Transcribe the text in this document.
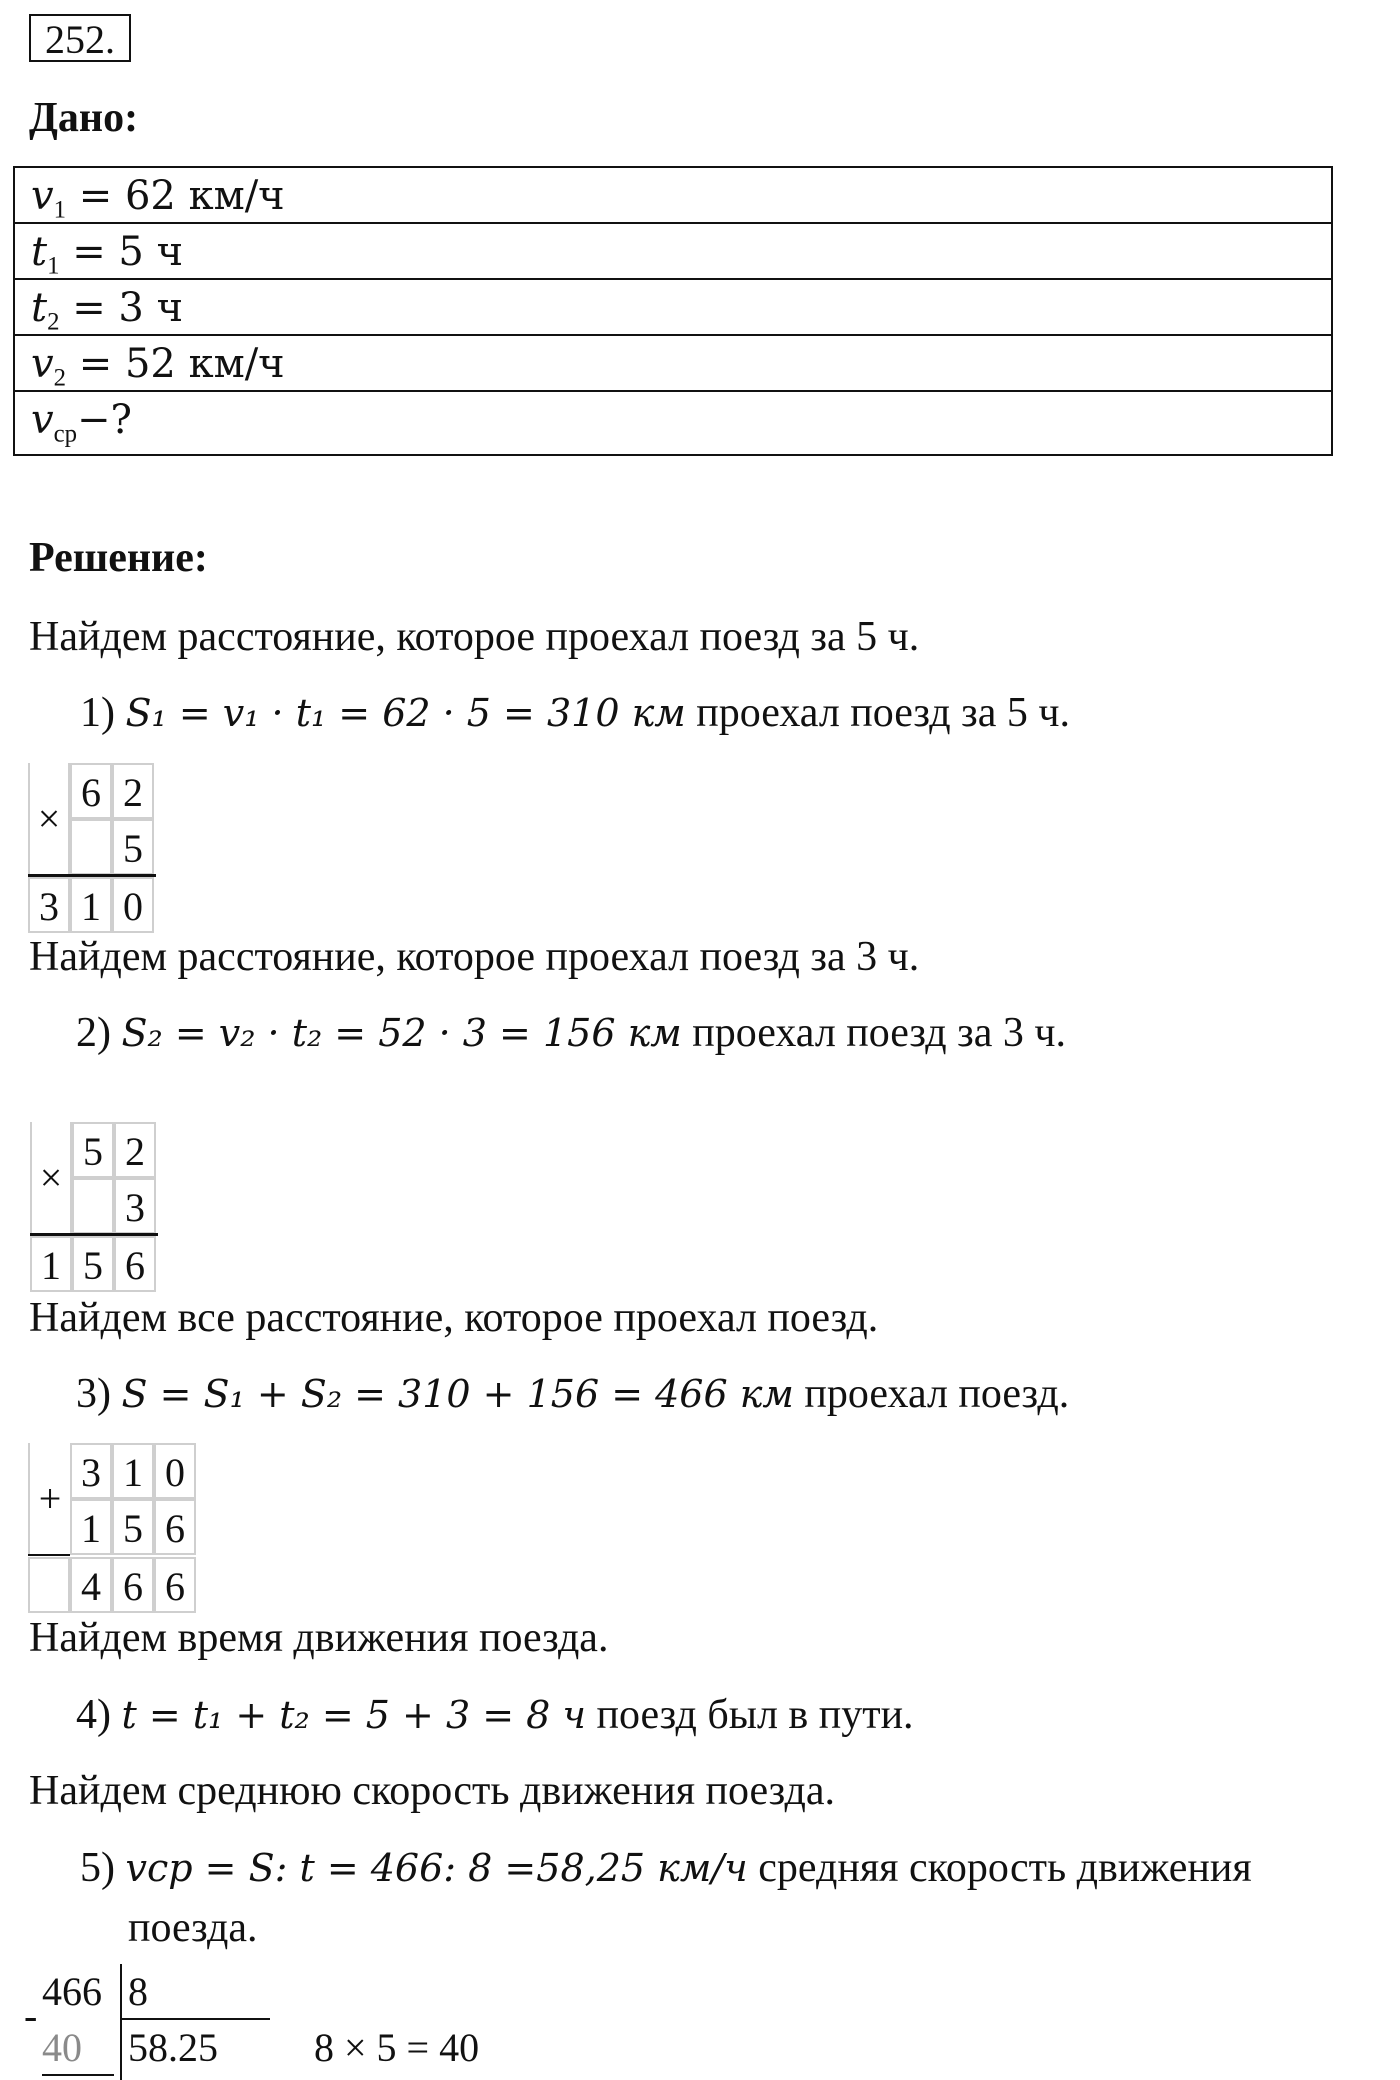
252.
Дано:
$v_1 = 62$ км/ч
$t_1 = 5$ ч
$t_2 = 3$ ч
$v_2 = 52$ км/ч
$v_{ср}-$?
Решение:
Найдем расстояние, которое проехал поезд за 5 ч.
1) S₁ = v₁ · t₁ = 62 · 5 = 310 км проехал поезд за 5 ч.
×
6 2
5
3 1 0
Найдем расстояние, которое проехал поезд за 3 ч.
2) S₂ = v₂ · t₂ = 52 · 3 = 156 км проехал поезд за 3 ч.
×
5 2
3
1 5 6
Найдем все расстояние, которое проехал поезд.
3) S = S₁ + S₂ = 310 + 156 = 466 км проехал поезд.
+
3 1 0
1 5 6
4 6 6
Найдем время движения поезда.
4) t = t₁ + t₂ = 5 + 3 = 8 ч поезд был в пути.
Найдем среднюю скорость движения поезда.
5) vср = S: t = 466: 8 =58,25 км/ч средняя скорость движения
поезда.
466 8
-
40 58.25 8 × 5 = 40
